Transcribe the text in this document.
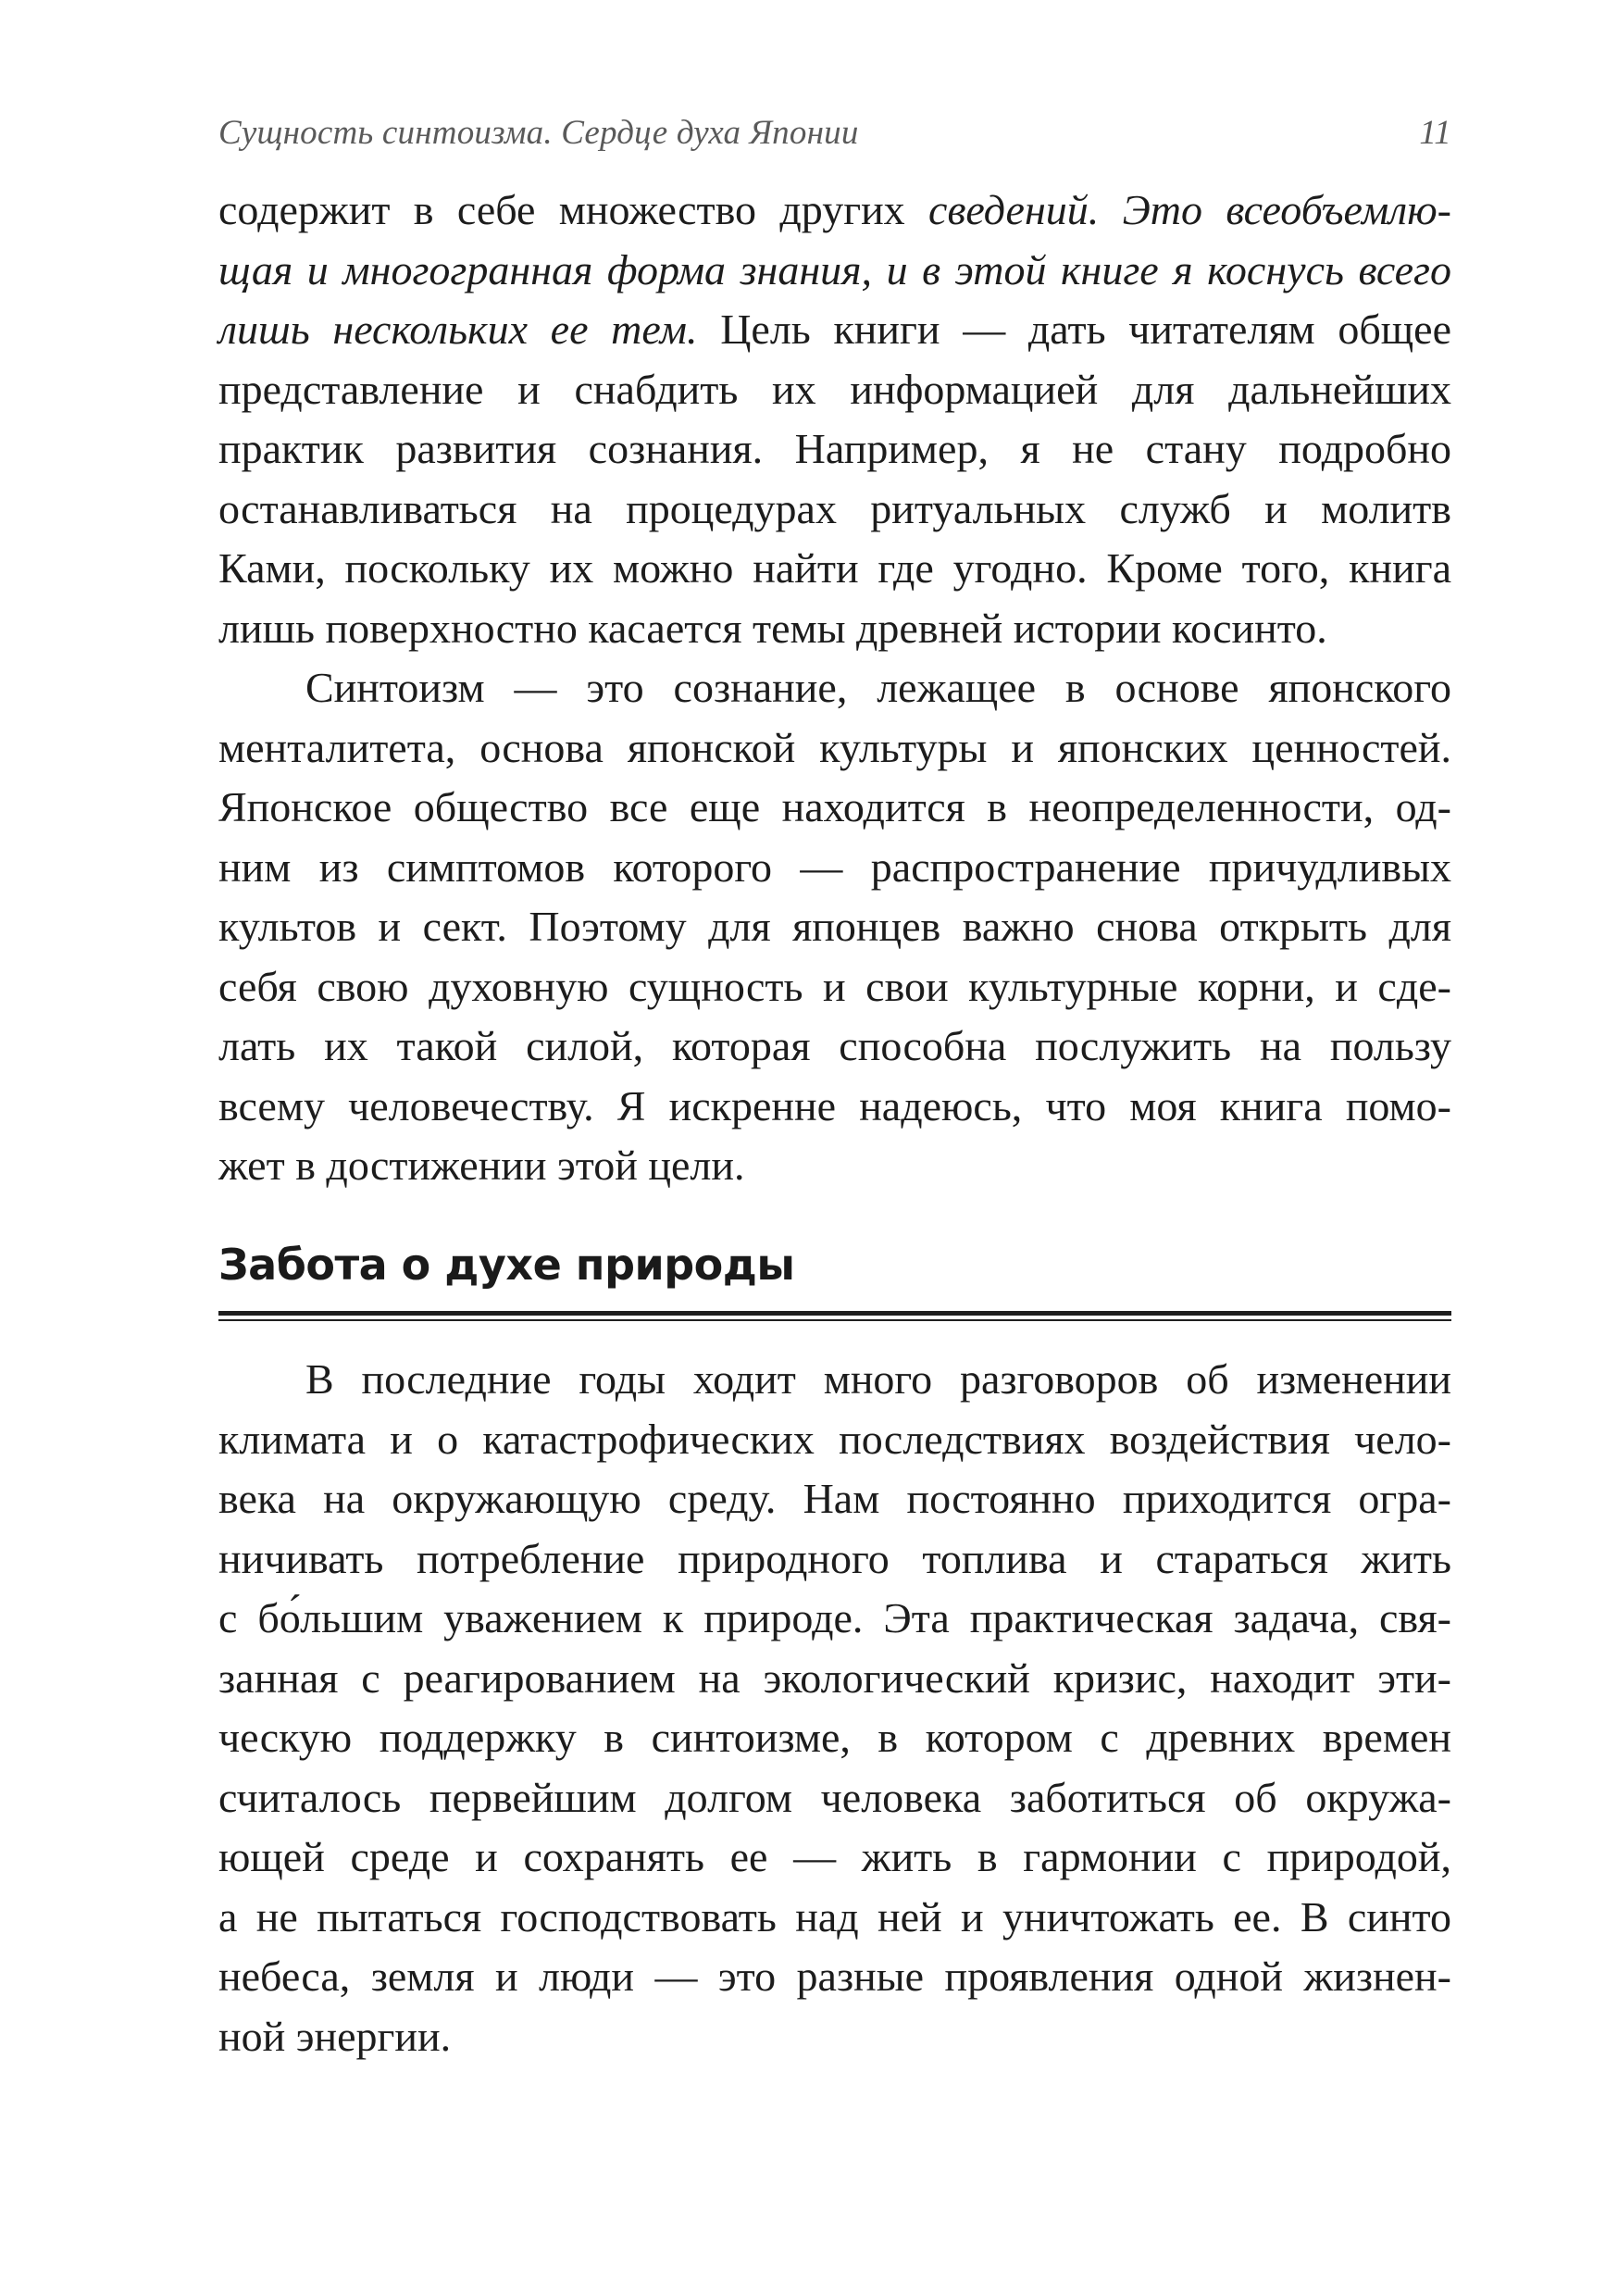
Сущность синтоизма. Сердце духа Японии	11
содержит в себе множество других сведений. Это всеобъемлю-
щая и многогранная форма знания, и в этой книге я коснусь всего
лишь нескольких ее тем. Цель книги — дать читателям общее
представление и снабдить их информацией для дальнейших
практик развития сознания. Например, я не стану подробно
останавливаться на процедурах ритуальных служб и молитв
Ками, поскольку их можно найти где угодно. Кроме того, книга
лишь поверхностно касается темы древней истории косинто.
Синтоизм — это сознание, лежащее в основе японского
менталитета, основа японской культуры и японских ценностей.
Японское общество все еще находится в неопределенности, од-
ним из симптомов которого — распространение причудливых
культов и сект. Поэтому для японцев важно снова открыть для
себя свою духовную сущность и свои культурные корни, и сде-
лать их такой силой, которая способна послужить на пользу
всему человечеству. Я искренне надеюсь, что моя книга помо-
жет в достижении этой цели.
Забота о духе природы
В последние годы ходит много разговоров об изменении
климата и о катастрофических последствиях воздействия чело-
века на окружающую среду. Нам постоянно приходится огра-
ничивать потребление природного топлива и стараться жить
с бо́льшим уважением к природе. Эта практическая задача, свя-
занная с реагированием на экологический кризис, находит эти-
ческую поддержку в синтоизме, в котором с древних времен
считалось первейшим долгом человека заботиться об окружа-
ющей среде и сохранять ее — жить в гармонии с природой,
а не пытаться господствовать над ней и уничтожать ее. В синто
небеса, земля и люди — это разные проявления одной жизнен-
ной энергии.
